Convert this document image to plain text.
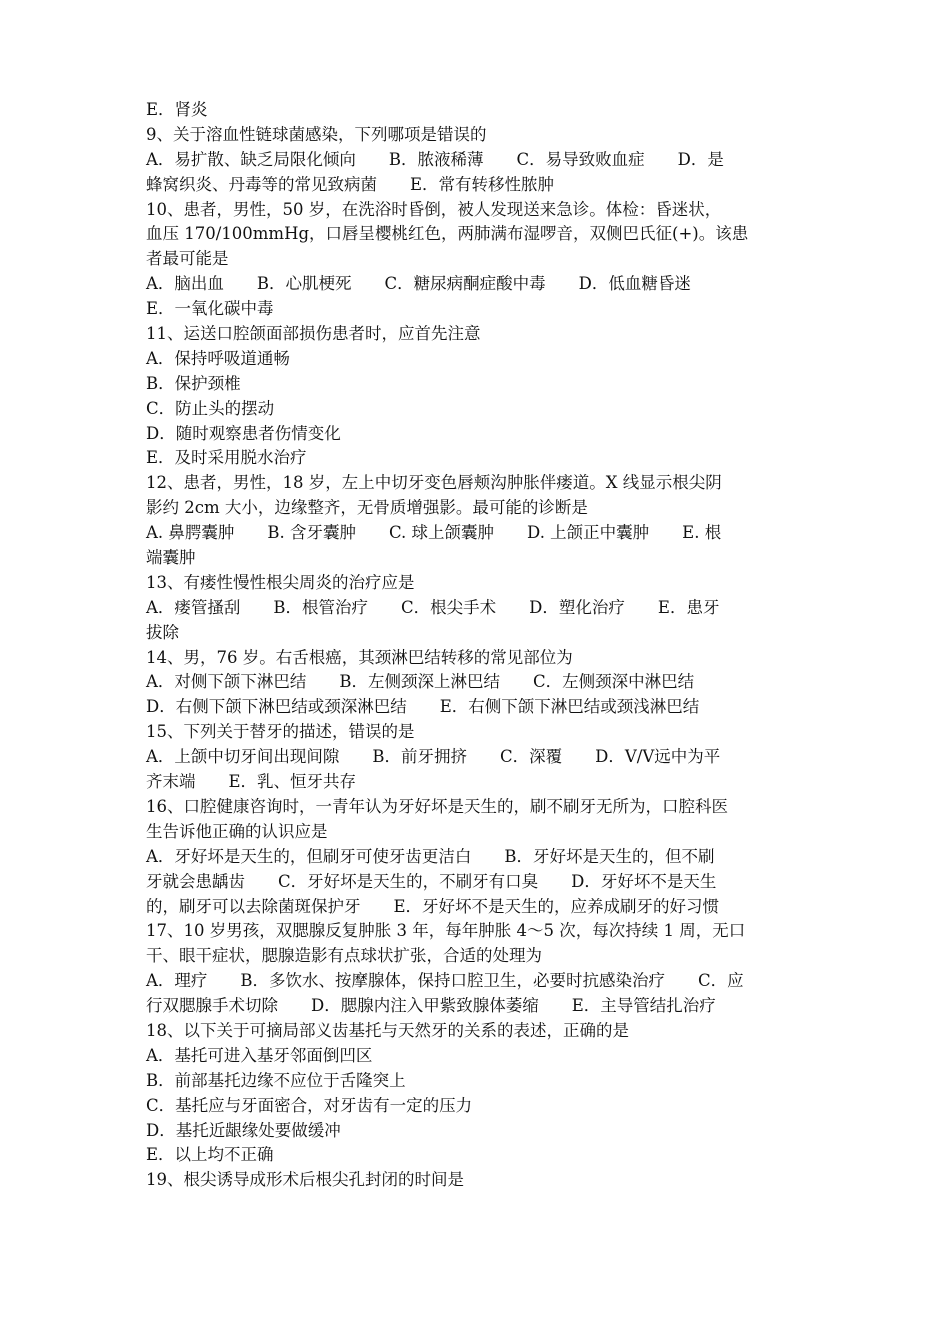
E．肾炎
9、关于溶血性链球菌感染，下列哪项是错误的
A．易扩散、缺乏局限化倾向　　B．脓液稀薄　　C．易导致败血症　　D．是
蜂窝织炎、丹毒等的常见致病菌　　E．常有转移性脓肿
10、患者，男性，50 岁，在洗浴时昏倒，被人发现送来急诊。体检：昏迷状，
血压 170/100mmHg，口唇呈樱桃红色，两肺满布湿啰音，双侧巴氏征(+)。该患
者最可能是
A．脑出血　　B．心肌梗死　　C．糖尿病酮症酸中毒　　D．低血糖昏迷
E．一氧化碳中毒
11、运送口腔颌面部损伤患者时，应首先注意
A．保持呼吸道通畅
B．保护颈椎
C．防止头的摆动
D．随时观察患者伤情变化
E．及时采用脱水治疗
12、患者，男性，18 岁，左上中切牙变色唇颊沟肿胀伴瘘道。X 线显示根尖阴
影约 2cm 大小，边缘整齐，无骨质增强影。最可能的诊断是
A. 鼻腭囊肿　　B. 含牙囊肿　　C. 球上颌囊肿　　D. 上颌正中囊肿　　E. 根
端囊肿
13、有瘘性慢性根尖周炎的治疗应是
A．瘘管搔刮　　B．根管治疗　　C．根尖手术　　D．塑化治疗　　E．患牙
拔除
14、男，76 岁。右舌根癌，其颈淋巴结转移的常见部位为
A．对侧下颌下淋巴结　　B．左侧颈深上淋巴结　　C．左侧颈深中淋巴结
D．右侧下颌下淋巴结或颈深淋巴结　　E．右侧下颌下淋巴结或颈浅淋巴结
15、下列关于替牙的描述，错误的是
A．上颌中切牙间出现间隙　　B．前牙拥挤　　C．深覆　　D．Ⅴ/Ⅴ远中为平
齐末端　　E．乳、恒牙共存
16、口腔健康咨询时，一青年认为牙好坏是天生的，刷不刷牙无所为，口腔科医
生告诉他正确的认识应是
A．牙好坏是天生的，但刷牙可使牙齿更洁白　　B．牙好坏是天生的，但不刷
牙就会患龋齿　　C．牙好坏是天生的，不刷牙有口臭　　D．牙好坏不是天生
的，刷牙可以去除菌斑保护牙　　E．牙好坏不是天生的，应养成刷牙的好习惯
17、10 岁男孩，双腮腺反复肿胀 3 年，每年肿胀 4～5 次，每次持续 1 周，无口
干、眼干症状，腮腺造影有点球状扩张，合适的处理为
A．理疗　　B．多饮水、按摩腺体，保持口腔卫生，必要时抗感染治疗　　C．应
行双腮腺手术切除　　D．腮腺内注入甲紫致腺体萎缩　　E．主导管结扎治疗
18、以下关于可摘局部义齿基托与天然牙的关系的表述，正确的是
A．基托可进入基牙邻面倒凹区
B．前部基托边缘不应位于舌隆突上
C．基托应与牙面密合，对牙齿有一定的压力
D．基托近龈缘处要做缓冲
E．以上均不正确
19、根尖诱导成形术后根尖孔封闭的时间是
